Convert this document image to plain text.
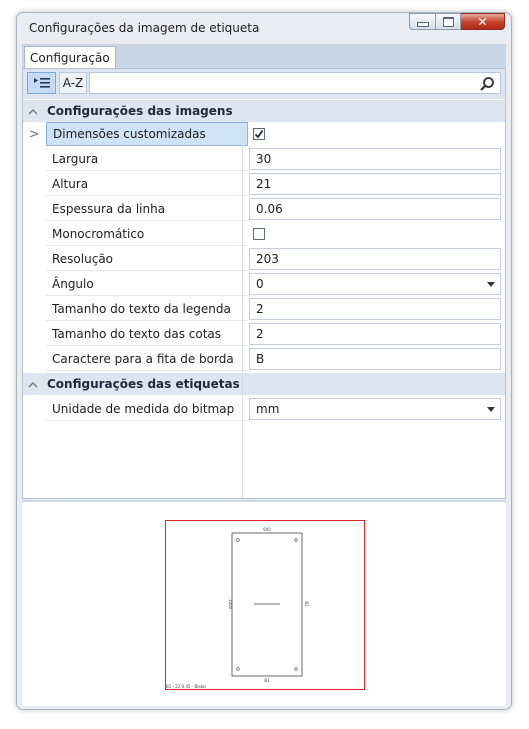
Configurações da imagem de etiqueta	✕
Configuração
A-Z
Configurações das imagens
>	Dimensões customizadas
Largura	30
Altura	21
Espessura da linha	0.06
Monocromático
Resolução	203
Ângulo	0
Tamanho do texto da legenda	2
Tamanho do texto das cotas	2
Caractere para a fita de borda	B
Configurações das etiquetas
Unidade de medida do bitmap	mm
900
B1
1000	B1
B1 - 22 0.45 - Bisbis
